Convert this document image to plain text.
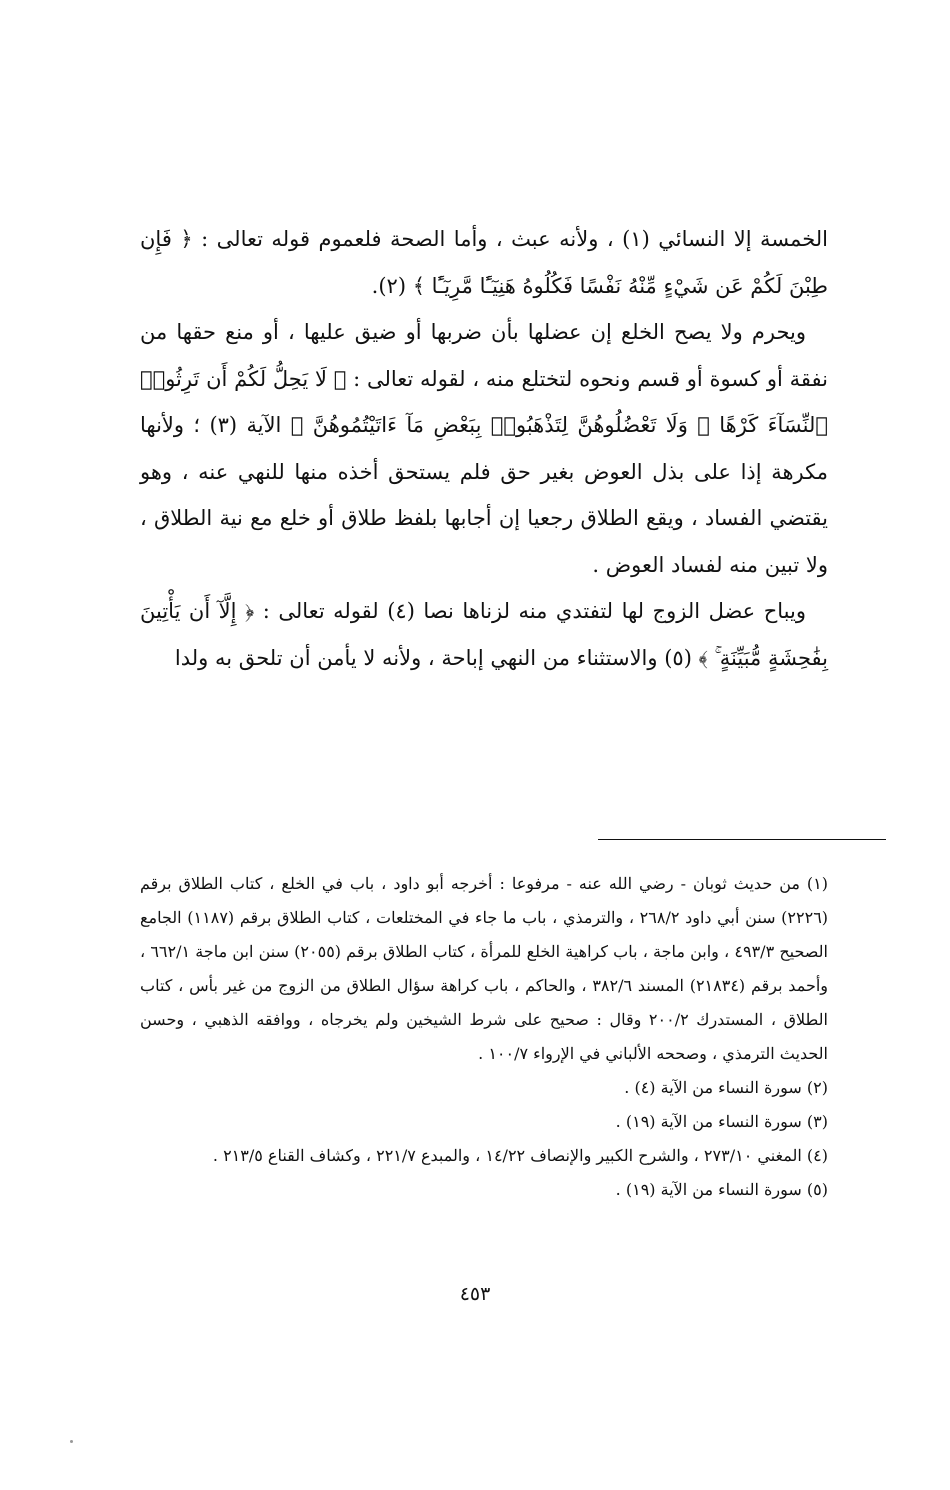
الخمسة إلا النسائي (١) ، ولأنه عبث ، وأما الصحة فلعموم قوله تعالى : ﴿ فَإِن طِبْنَ لَكُمْ عَن شَيْءٍ مِّنْهُ نَفْسًا فَكُلُوهُ هَنِيٓـًٔا مَّرِيٓـًٔا ﴾ (٢).

ويحرم ولا يصح الخلع إن عضلها بأن ضربها أو ضيق عليها ، أو منع حقها من نفقة أو كسوة أو قسم ونحوه لتختلع منه ، لقوله تعالى : ﴿ لَا يَحِلُّ لَكُمْ أَن تَرِثُوا۟ ٱلنِّسَآءَ كَرْهًا ۖ وَلَا تَعْضُلُوهُنَّ لِتَذْهَبُوا۟ بِبَعْضِ مَآ ءَاتَيْتُمُوهُنَّ ﴾ الآية (٣) ؛ ولأنها مكرهة إذا على بذل العوض بغير حق فلم يستحق أخذه منها للنهي عنه ، وهو يقتضي الفساد ، ويقع الطلاق رجعيا إن أجابها بلفظ طلاق أو خلع مع نية الطلاق ، ولا تبين منه لفساد العوض .

ويباح عضل الزوج لها لتفتدي منه لزناها نصا (٤) لقوله تعالى : ﴿ إِلَّآ أَن يَأْتِينَ بِفَٰحِشَةٍ مُّبَيِّنَةٍ ۚ ﴾ (٥) والاستثناء من النهي إباحة ، ولأنه لا يأمن أن تلحق به ولدا

(١) من حديث ثوبان - رضي الله عنه - مرفوعا : أخرجه أبو داود ، باب في الخلع ، كتاب الطلاق برقم (٢٢٢٦) سنن أبي داود ٢٦٨/٢ ، والترمذي ، باب ما جاء في المختلعات ، كتاب الطلاق برقم (١١٨٧) الجامع الصحيح ٤٩٣/٣ ، وابن ماجة ، باب كراهية الخلع للمرأة ، كتاب الطلاق برقم (٢٠٥٥) سنن ابن ماجة ٦٦٢/١ ، وأحمد برقم (٢١٨٣٤) المسند ٣٨٢/٦ ، والحاكم ، باب كراهة سؤال الطلاق من الزوج من غير بأس ، كتاب الطلاق ، المستدرك ٢٠٠/٢ وقال : صحيح على شرط الشيخين ولم يخرجاه ، ووافقه الذهبي ، وحسن الحديث الترمذي ، وصححه الألباني في الإرواء ١٠٠/٧ .

(٢) سورة النساء من الآية (٤) .

(٣) سورة النساء من الآية (١٩) .

(٤) المغني ٢٧٣/١٠ ، والشرح الكبير والإنصاف ١٤/٢٢ ، والمبدع ٢٢١/٧ ، وكشاف القناع ٢١٣/٥ .

(٥) سورة النساء من الآية (١٩) .

٤٥٣
